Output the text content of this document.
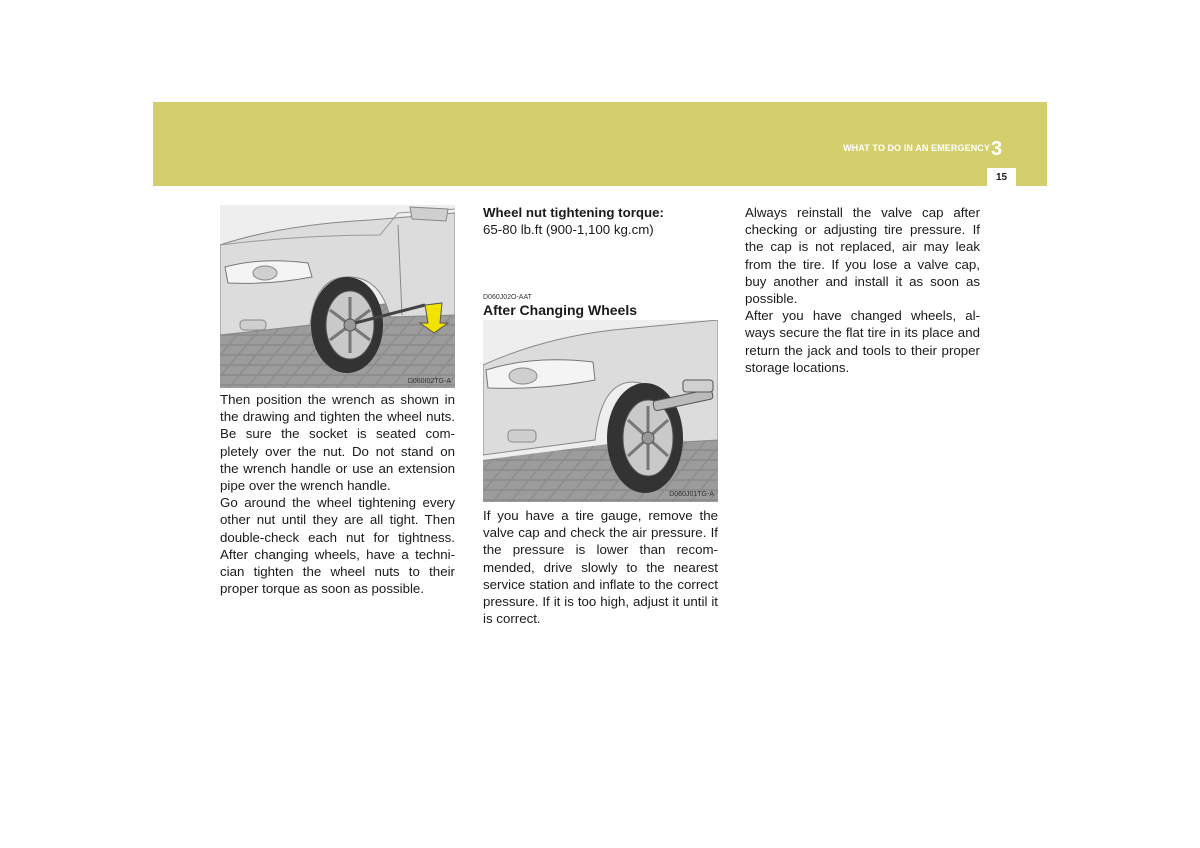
WHAT TO DO IN AN EMERGENCY 3
15
D060I02TG-A

Then position the wrench as shown in the drawing and tighten the wheel nuts. Be sure the socket is seated com-pletely over the nut. Do not stand on the wrench handle or use an extension pipe over the wrench handle.

Go around the wheel tightening every other nut until they are all tight. Then double-check each nut for tightness. After changing wheels, have a techni-cian tighten the wheel nuts to their proper torque as soon as possible.

Wheel nut tightening torque:

65-80 lb.ft (900-1,100 kg.cm)

D060J02O-AAT
After Changing Wheels
D060J01TG-A

If you have a tire gauge, remove the valve cap and check the air pressure. If the pressure is lower than recom-mended, drive slowly to the nearest service station and inflate to the correct pressure. If it is too high, adjust it until it is correct.

Always reinstall the valve cap after checking or adjusting tire pressure. If the cap is not replaced, air may leak from the tire. If you lose a valve cap, buy another and install it as soon as possible.

After you have changed wheels, al-ways secure the flat tire in its place and return the jack and tools to their proper storage locations.
